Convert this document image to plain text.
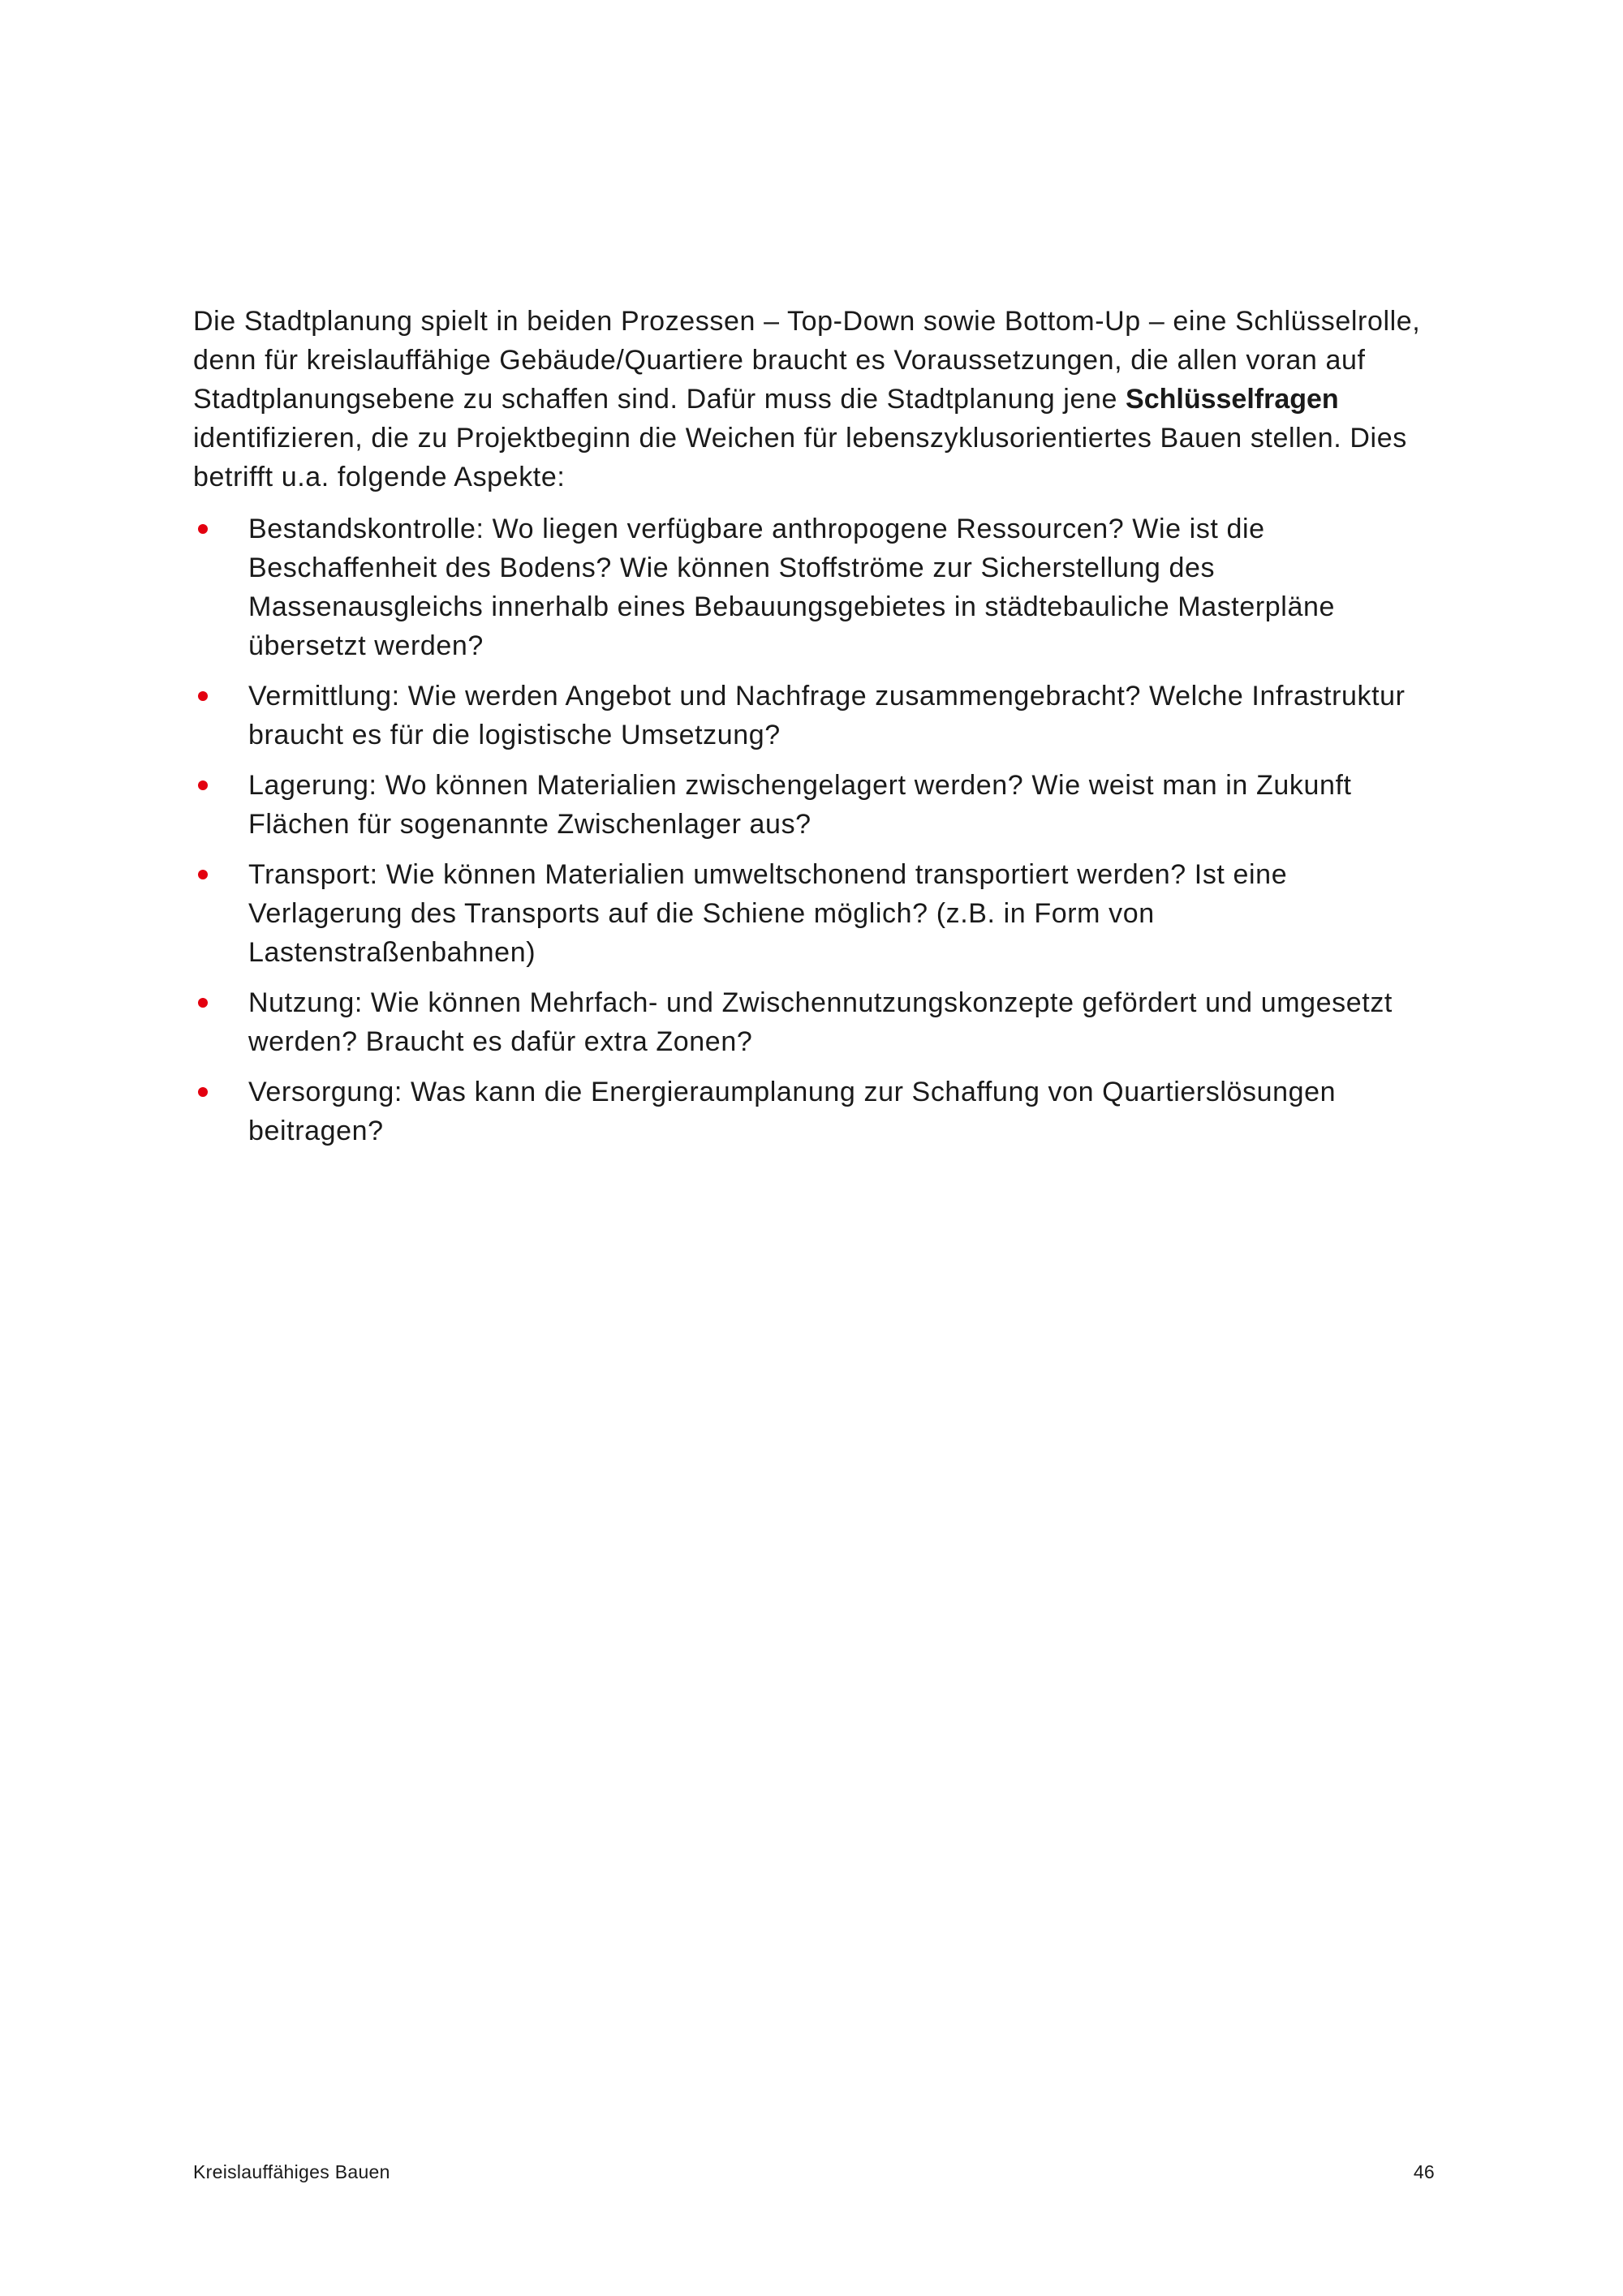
Die Stadtplanung spielt in beiden Prozessen – Top-Down sowie Bottom-Up – eine Schlüsselrolle, denn für kreislauffähige Gebäude/Quartiere braucht es Voraussetzungen, die allen voran auf Stadtplanungsebene zu schaffen sind. Dafür muss die Stadtplanung jene Schlüsselfragen identifizieren, die zu Projektbeginn die Weichen für lebenszyklusorientiertes Bauen stellen. Dies betrifft u.a. folgende Aspekte:

Bestandskontrolle: Wo liegen verfügbare anthropogene Ressourcen? Wie ist die Beschaffenheit des Bodens? Wie können Stoffströme zur Sicherstellung des Massenausgleichs innerhalb eines Bebauungsgebietes in städtebauliche Masterpläne übersetzt werden?
Vermittlung: Wie werden Angebot und Nachfrage zusammengebracht? Welche Infrastruktur braucht es für die logistische Umsetzung?
Lagerung: Wo können Materialien zwischengelagert werden? Wie weist man in Zukunft Flächen für sogenannte Zwischenlager aus?
Transport: Wie können Materialien umweltschonend transportiert werden? Ist eine Verlagerung des Transports auf die Schiene möglich? (z.B. in Form von Lastenstraßenbahnen)
Nutzung: Wie können Mehrfach- und Zwischennutzungskonzepte gefördert und umgesetzt werden? Braucht es dafür extra Zonen?
Versorgung: Was kann die Energieraumplanung zur Schaffung von Quartierslösungen beitragen?
Kreislauffähiges Bauen	46
